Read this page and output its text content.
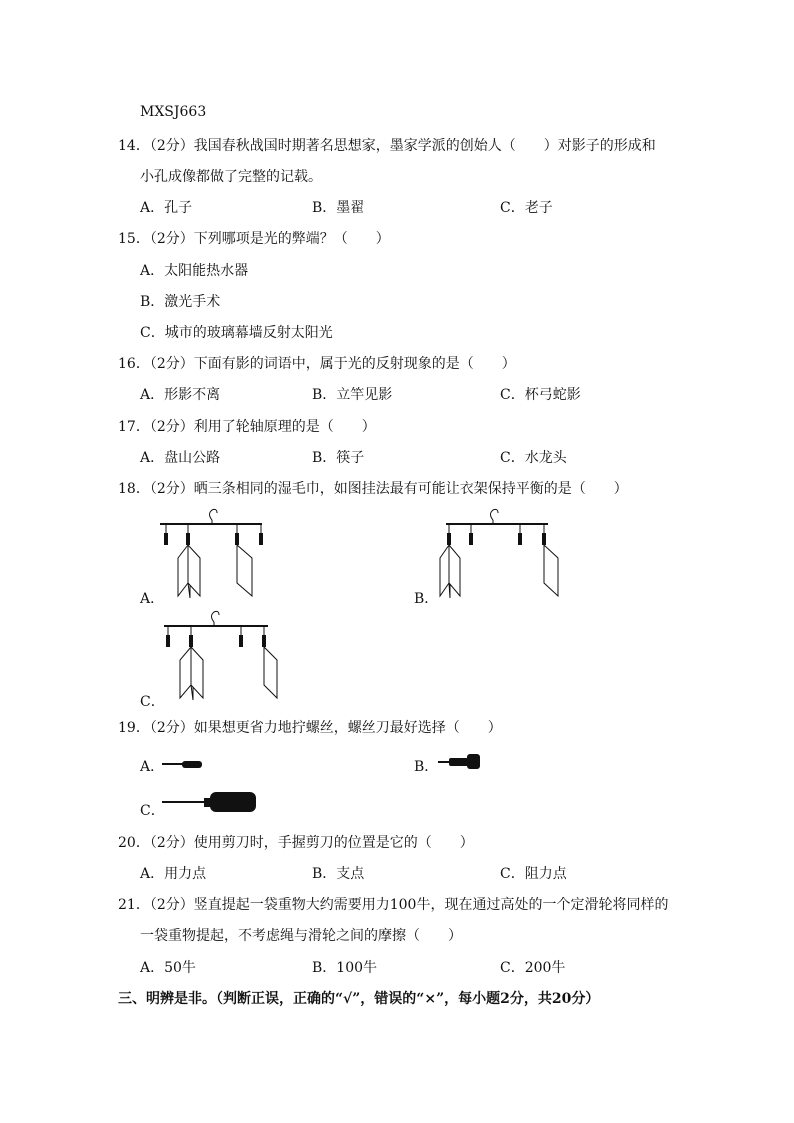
MXSJ663
14．（2分）我国春秋战国时期著名思想家，墨家学派的创始人（　　）对影子的形成和
小孔成像都做了完整的记载。
A．孔子	B．墨翟	C．老子
15．（2分）下列哪项是光的弊端？（　　）
A．太阳能热水器
B．激光手术
C．城市的玻璃幕墙反射太阳光
16．（2分）下面有影的词语中，属于光的反射现象的是（　　）
A．形影不离	B．立竿见影	C．杯弓蛇影
17．（2分）利用了轮轴原理的是（　　）
A．盘山公路	B．筷子	C．水龙头
18．（2分）晒三条相同的湿毛巾，如图挂法最有可能让衣架保持平衡的是（　　）
A．	B．
C．
19．（2分）如果想更省力地拧螺丝，螺丝刀最好选择（　　）
A．	B．
C．
20．（2分）使用剪刀时，手握剪刀的位置是它的（　　）
A．用力点	B．支点	C．阻力点
21．（2分）竖直提起一袋重物大约需要用力100牛，现在通过高处的一个定滑轮将同样的
一袋重物提起，不考虑绳与滑轮之间的摩擦（　　）
A．50牛	B．100牛	C．200牛
三、明辨是非。（判断正误，正确的“√”，错误的“×”，每小题2分，共20分）
